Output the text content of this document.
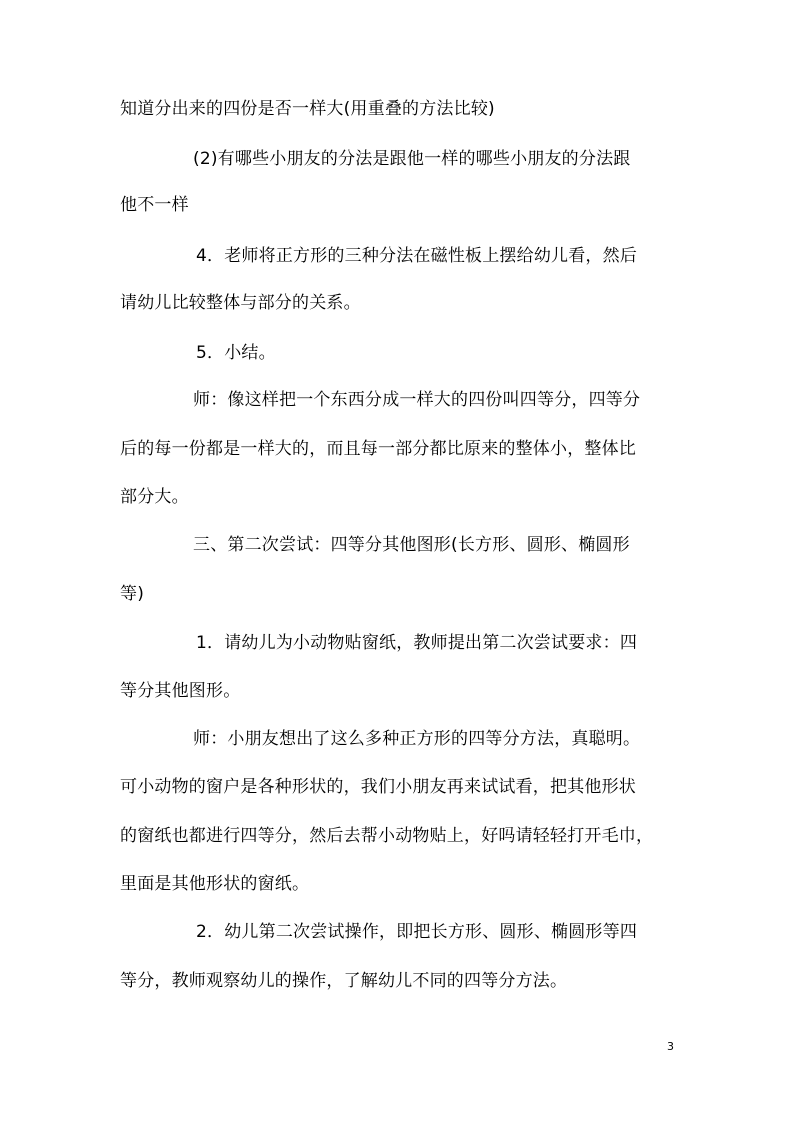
知道分出来的四份是否一样大(用重叠的方法比较)
(2)有哪些小朋友的分法是跟他一样的哪些小朋友的分法跟
他不一样
4．老师将正方形的三种分法在磁性板上摆给幼儿看，然后
请幼儿比较整体与部分的关系。
5．小结。
师：像这样把一个东西分成一样大的四份叫四等分，四等分
后的每一份都是一样大的，而且每一部分都比原来的整体小，整体比
部分大。
三、第二次尝试：四等分其他图形(长方形、圆形、椭圆形
等)
1．请幼儿为小动物贴窗纸，教师提出第二次尝试要求：四
等分其他图形。
师：小朋友想出了这么多种正方形的四等分方法，真聪明。
可小动物的窗户是各种形状的，我们小朋友再来试试看，把其他形状
的窗纸也都进行四等分，然后去帮小动物贴上，好吗请轻轻打开毛巾，
里面是其他形状的窗纸。
2．幼儿第二次尝试操作，即把长方形、圆形、椭圆形等四
等分，教师观察幼儿的操作，了解幼儿不同的四等分方法。
3
